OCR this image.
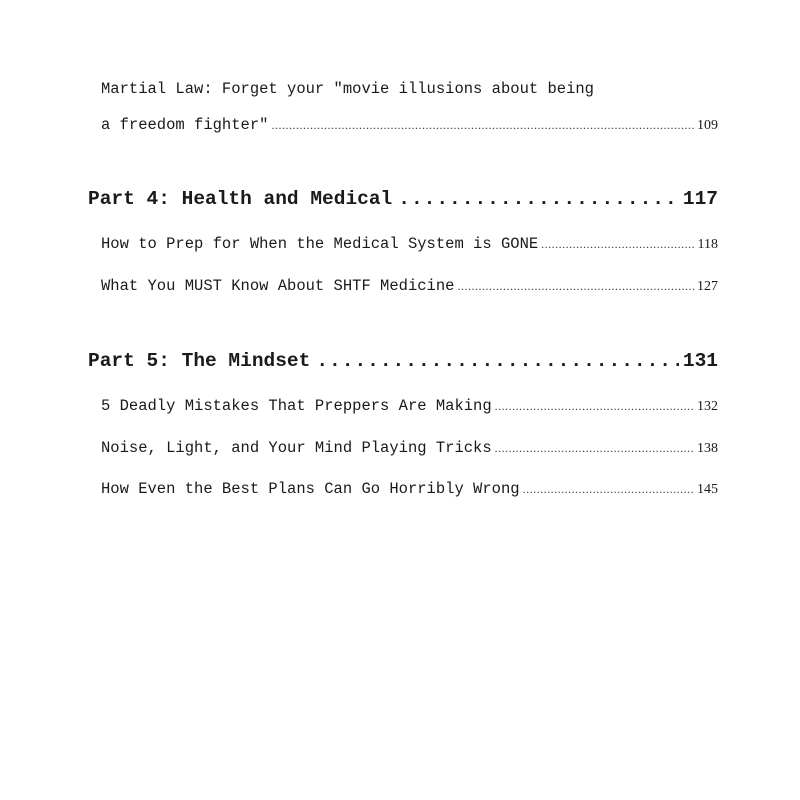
Martial Law: Forget your "movie illusions about being
a freedom fighter" .....	109
Part 4: Health and Medical .....	117
How to Prep for When the Medical System is GONE .....	118
What You MUST Know About SHTF Medicine .....	127
Part 5: The Mindset .....	131
5 Deadly Mistakes That Preppers Are Making .....	132
Noise, Light, and Your Mind Playing Tricks .....	138
How Even the Best Plans Can Go Horribly Wrong .....	145
